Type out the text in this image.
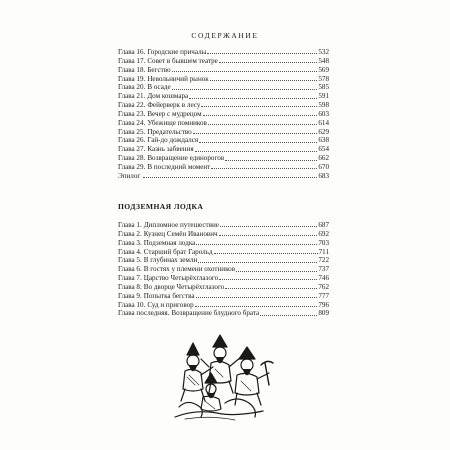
СОДЕРЖАНИЕ
Глава 16. Городские причалы	532
Глава 17. Совет в бывшем театре	548
Глава 18. Бегство	569
Глава 19. Невольничий рынок	578
Глава 20. В осаде	585
Глава 21. Дом кошмара	591
Глава 22. Фейерверк в лесу	598
Глава 23. Вечер с мудрецом	603
Глава 24. Убежище помников	614
Глава 25. Предательство	629
Глава 26. Гай-до дождался	638
Глава 27. Казнь забвения	654
Глава 28. Возвращение единорогов	662
Глава 29. В последний момент	670
Эпилог	683
ПОДЗЕМНАЯ ЛОДКА
Глава 1. Дипломное путешествие	687
Глава 2. Кузнец Семён Иванович	692
Глава 3. Подземная лодка	703
Глава 4. Старший брат Гарольд	711
Глава 5. В глубинах земли	722
Глава 6. В гостях у племени охотников	737
Глава 7. Царство Четырёхглазого	746
Глава 8. Во дворце Четырёхглазого	762
Глава 9. Попытка бегства	777
Глава 10. Суд и приговор	796
Глава последняя. Возвращение блудного брата	809
